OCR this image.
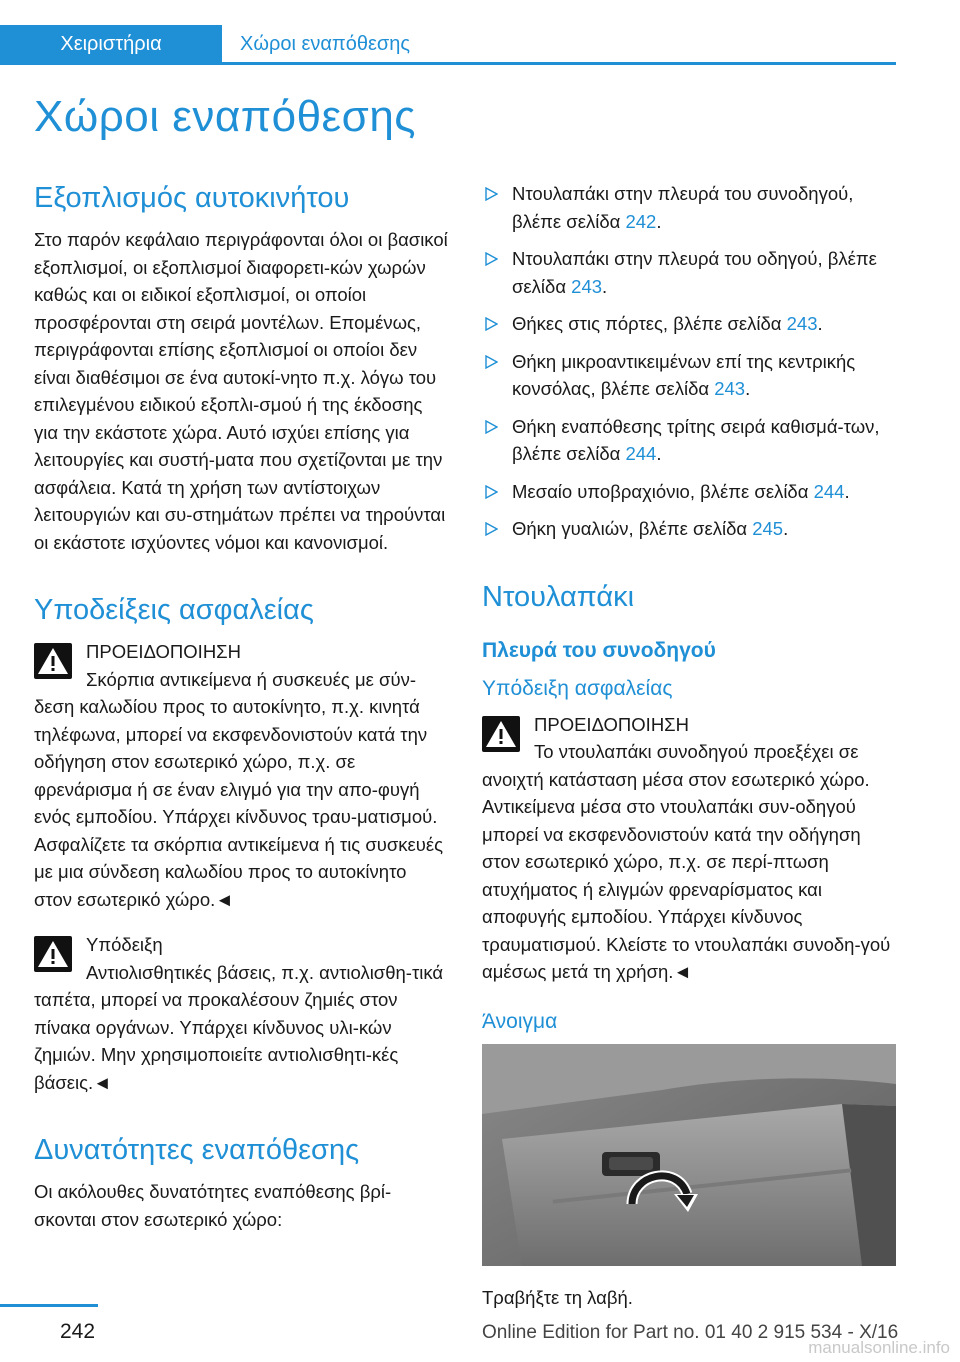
Χειριστήρια	Χώροι εναπόθεσης
Χώροι εναπόθεσης
Εξοπλισμός αυτοκινήτου

Στο παρόν κεφάλαιο περιγράφονται όλοι οι βασικοί εξοπλισμοί, οι εξοπλισμοί διαφορετι-κών χωρών καθώς και οι ειδικοί εξοπλισμοί, οι οποίοι προσφέρονται στη σειρά μοντέλων. Επομένως, περιγράφονται επίσης εξοπλισμοί οι οποίοι δεν είναι διαθέσιμοι σε ένα αυτοκί-νητο π.χ. λόγω του επιλεγμένου ειδικού εξοπλι-σμού ή της έκδοσης για την εκάστοτε χώρα. Αυτό ισχύει επίσης για λειτουργίες και συστή-ματα που σχετίζονται με την ασφάλεια. Κατά τη χρήση των αντίστοιχων λειτουργιών και συ-στημάτων πρέπει να τηρούνται οι εκάστοτε ισχύοντες νόμοι και κανονισμοί.

Υποδείξεις ασφαλείας
ΠΡΟΕΙΔΟΠΟΙΗΣΗ

Σκόρπια αντικείμενα ή συσκευές με σύν-δεση καλωδίου προς το αυτοκίνητο, π.χ. κινητά τηλέφωνα, μπορεί να εκσφενδονιστούν κατά την οδήγηση στον εσωτερικό χώρο, π.χ. σε φρενάρισμα ή σε έναν ελιγμό για την απο-φυγή ενός εμποδίου. Υπάρχει κίνδυνος τραυ-ματισμού. Ασφαλίζετε τα σκόρπια αντικείμενα ή τις συσκευές με μια σύνδεση καλωδίου προς το αυτοκίνητο στον εσωτερικό χώρο.◄

Υπόδειξη

Αντιολισθητικές βάσεις, π.χ. αντιολισθη-τικά ταπέτα, μπορεί να προκαλέσουν ζημιές στον πίνακα οργάνων. Υπάρχει κίνδυνος υλι-κών ζημιών. Μην χρησιμοποιείτε αντιολισθητι-κές βάσεις.◄

Δυνατότητες εναπόθεσης

Οι ακόλουθες δυνατότητες εναπόθεσης βρί-σκονται στον εσωτερικό χώρο:

Ντουλαπάκι στην πλευρά του συνοδηγού, βλέπε σελίδα 242.
Ντουλαπάκι στην πλευρά του οδηγού, βλέπε σελίδα 243.
Θήκες στις πόρτες, βλέπε σελίδα 243.
Θήκη μικροαντικειμένων επί της κεντρικής κονσόλας, βλέπε σελίδα 243.
Θήκη εναπόθεσης τρίτης σειρά καθισμά-των, βλέπε σελίδα 244.
Μεσαίο υποβραχιόνιο, βλέπε σελίδα 244.
Θήκη γυαλιών, βλέπε σελίδα 245.
Ντουλαπάκι
Πλευρά του συνοδηγού
Υπόδειξη ασφαλείας
ΠΡΟΕΙΔΟΠΟΙΗΣΗ

Το ντουλαπάκι συνοδηγού προεξέχει σε ανοιχτή κατάσταση μέσα στον εσωτερικό χώρο. Αντικείμενα μέσα στο ντουλαπάκι συν-οδηγού μπορεί να εκσφενδονιστούν κατά την οδήγηση στον εσωτερικό χώρο, π.χ. σε περί-πτωση ατυχήματος ή ελιγμών φρεναρίσματος και αποφυγής εμποδίου. Υπάρχει κίνδυνος τραυματισμού. Κλείστε το ντουλαπάκι συνοδη-γού αμέσως μετά τη χρήση.◄

Άνοιγμα

Τραβήξτε τη λαβή.

242	Online Edition for Part no. 01 40 2 915 534 - X/16
manualsonline.info
